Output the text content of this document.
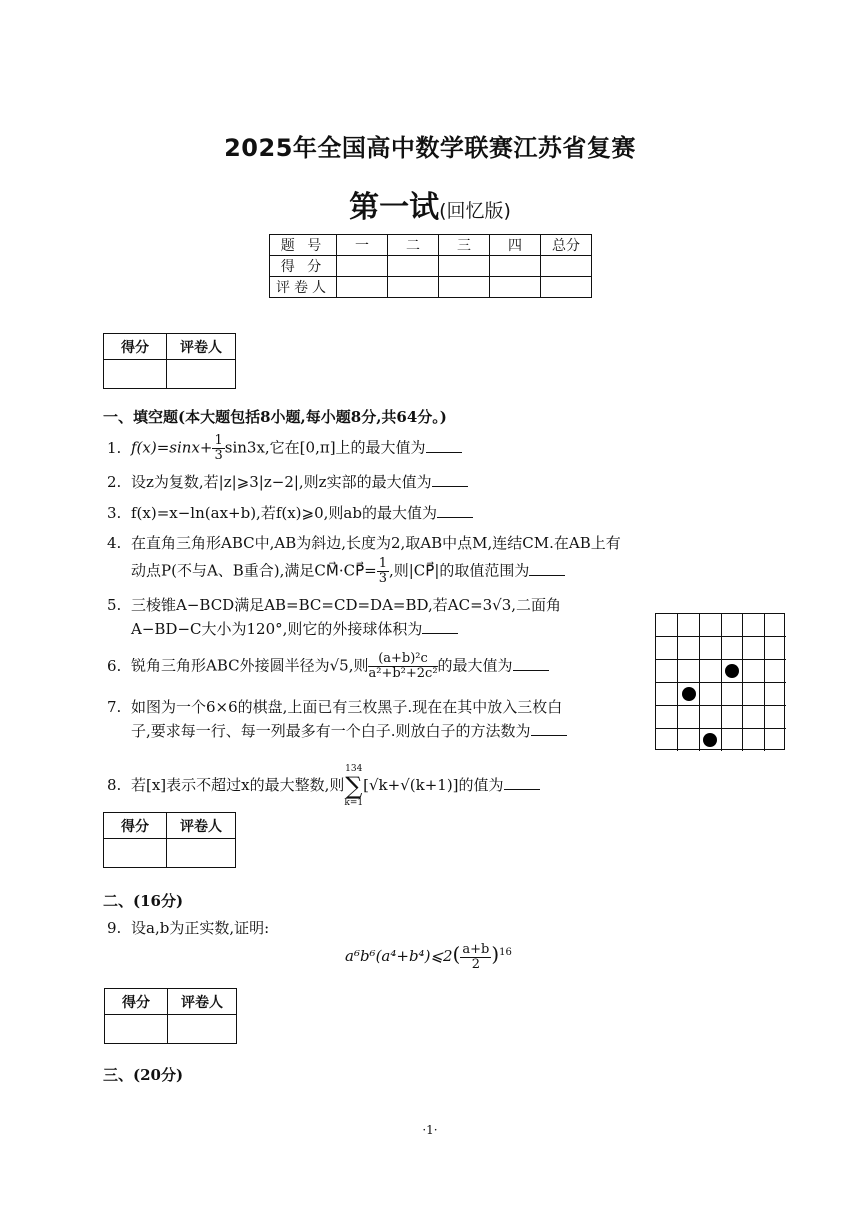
2025年全国高中数学联赛江苏省复赛
第一试(回忆版)
题 号	一	二	三	四	总分
得 分					
评卷人					
得分	评卷人

一、填空题(本大题包括8小题,每小题8分,共64分。)
1. $f(x)=\sin x+ \frac{1}{3} \sin 3x$,它在[0,π]上的最大值为
2. 设z为复数,若|z|⩾3|z−2|,则z实部的最大值为
3. f(x)=x−ln(ax+b),若f(x)⩾0,则ab的最大值为
4. 在直角三角形ABC中,AB为斜边,长度为2,取AB中点M,连结CM.在AB上有
动点P(不与A、B重合),满足CM⃗·CP⃗= $\frac{1}{3}$ ,则|CP⃗|的取值范围为
5. 三棱锥A−BCD满足AB=BC=CD=DA=BD,若AC=3√3,二面角
A−BD−C大小为120°,则它的外接球体积为
6. 锐角三角形ABC外接圆半径为√5,则 $\frac{\text{(a+b)²c}}{\text{a²+b²+2c²}}$ 的最大值为
7. 如图为一个6×6的棋盘,上面已有三枚黑子.现在在其中放入三枚白
子,要求每一行、每一列最多有一个白子.则放白子的方法数为
8. 若[x]表示不超过x的最大整数,则
134
∑
k=1
[√k+√(k+1)]的值为
得分	评卷人

二、(16分)
9. 设a,b为正实数,证明:
a⁶b⁶(a⁴+b⁴)⩽2( $\frac{a+b}{2} )^{16}$
得分	评卷人

三、(20分)
·1·
